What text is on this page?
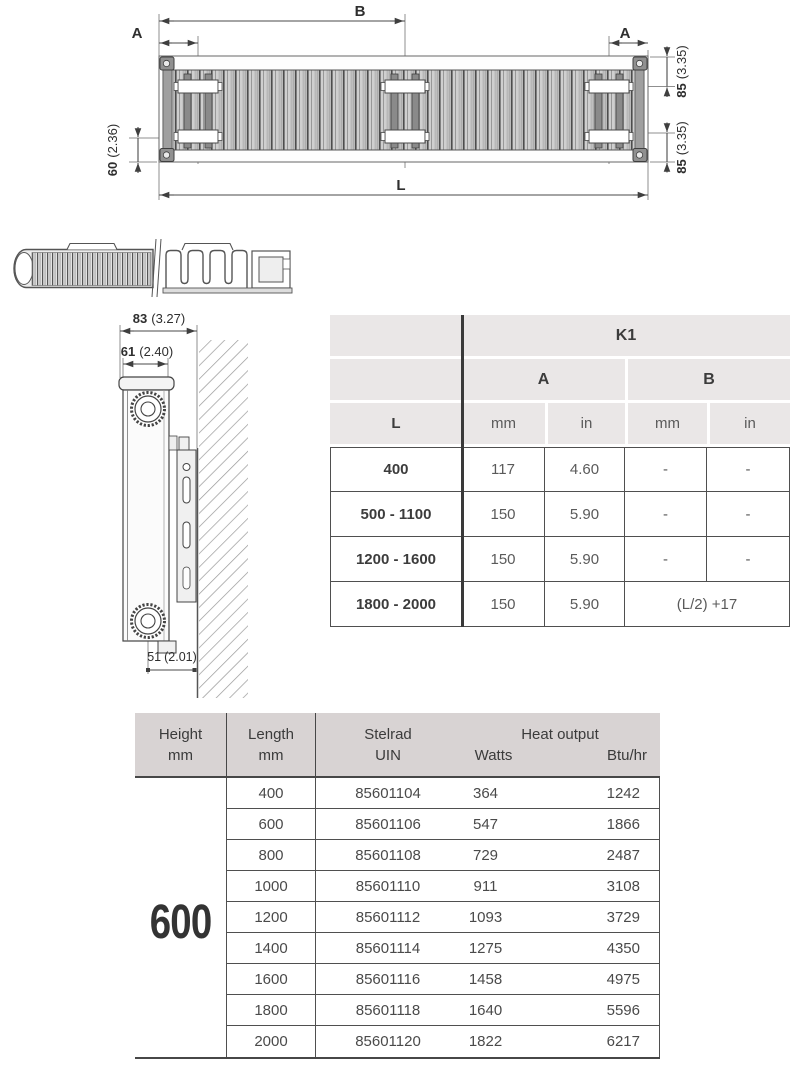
A
B
A
L
85(3.35)
85(3.35)
60(2.36)
83 (3.27)
61 (2.40)
51 (2.01)
K1
A	B
L	mm	in	mm	in
400	117	4.60	-	-
500 - 1100	150	5.90	-	-
1200 - 1600	150	5.90	-	-
1800 - 2000	150	5.90	(L/2) +17
Height
mm
Length
mm
Stelrad
UIN
Heat output
Watts	Btu/hr
600
400	85601104	364	1242
600	85601106	547	1866
800	85601108	729	2487
1000	85601110	911	3108
1200	85601112	1093	3729
1400	85601114	1275	4350
1600	85601116	1458	4975
1800	85601118	1640	5596
2000	85601120	1822	6217
